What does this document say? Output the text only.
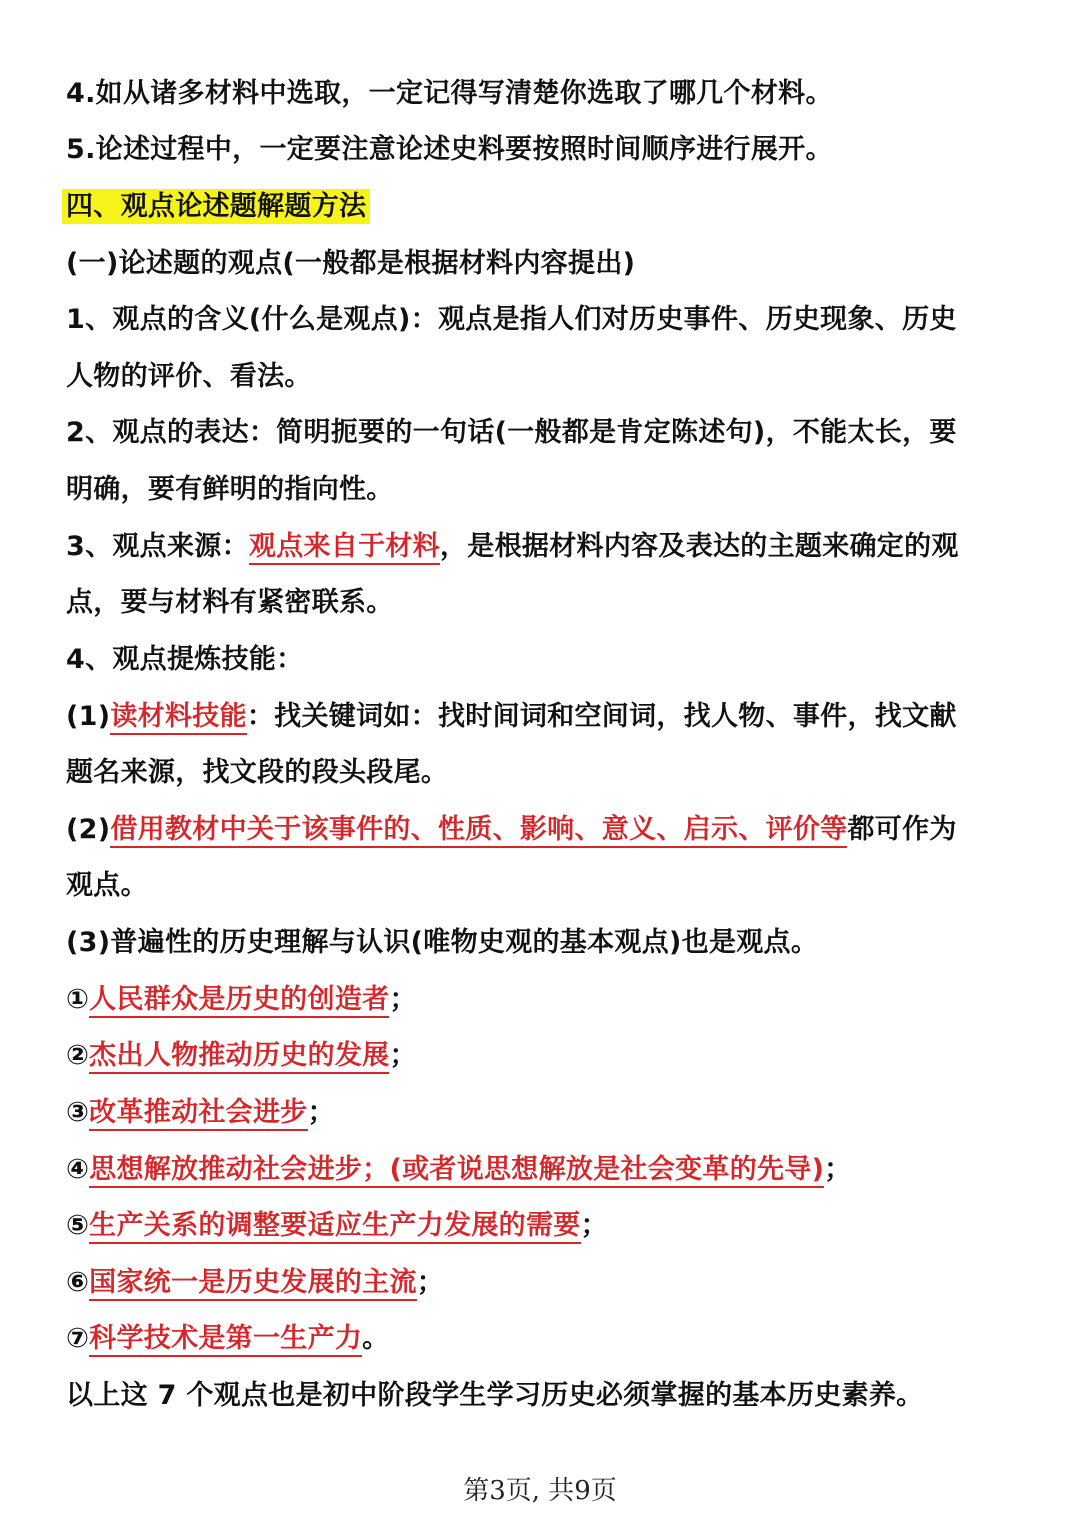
4.如从诸多材料中选取，一定记得写清楚你选取了哪几个材料。
5.论述过程中，一定要注意论述史料要按照时间顺序进行展开。
四、观点论述题解题方法
(一)论述题的观点(一般都是根据材料内容提出)
1、观点的含义(什么是观点)：观点是指人们对历史事件、历史现象、历史
人物的评价、看法。
2、观点的表达：简明扼要的一句话(一般都是肯定陈述句)，不能太长，要
明确，要有鲜明的指向性。
3、观点来源：观点来自于材料，是根据材料内容及表达的主题来确定的观
点，要与材料有紧密联系。
4、观点提炼技能：
(1)读材料技能：找关键词如：找时间词和空间词，找人物、事件，找文献
题名来源，找文段的段头段尾。
(2)借用教材中关于该事件的、性质、影响、意义、启示、评价等都可作为
观点。
(3)普遍性的历史理解与认识(唯物史观的基本观点)也是观点。
①人民群众是历史的创造者；
②杰出人物推动历史的发展；
③改革推动社会进步；
④思想解放推动社会进步；(或者说思想解放是社会变革的先导)；
⑤生产关系的调整要适应生产力发展的需要；
⑥国家统一是历史发展的主流；
⑦科学技术是第一生产力。
以上这 7 个观点也是初中阶段学生学习历史必须掌握的基本历史素养。
第3页, 共9页
